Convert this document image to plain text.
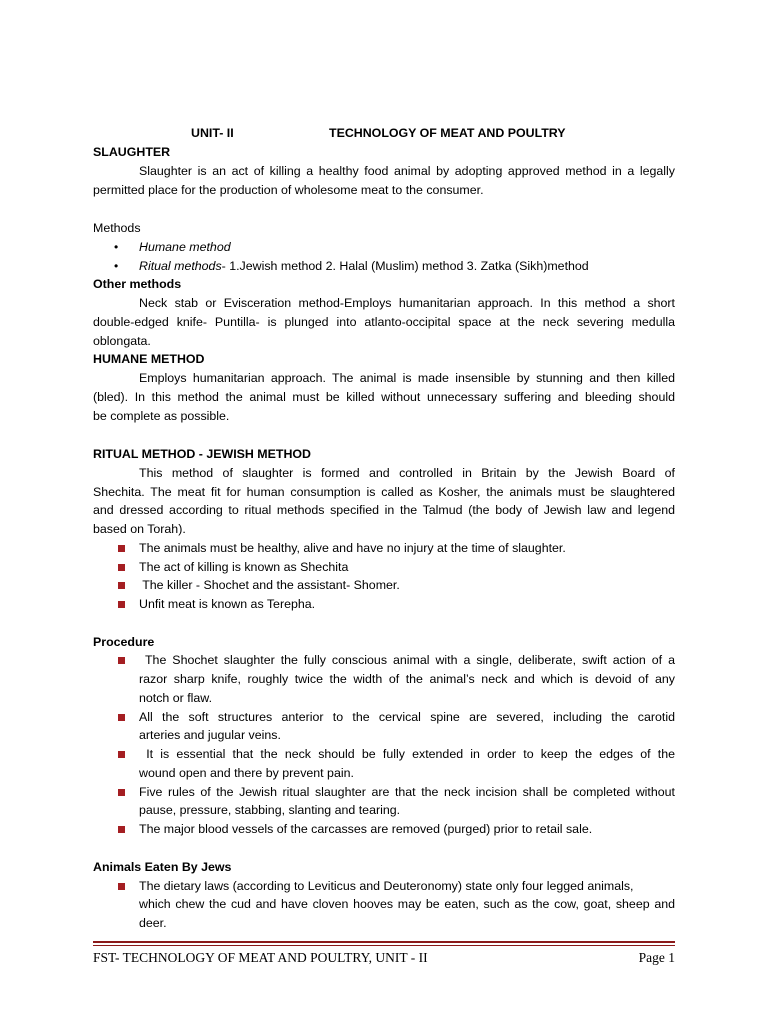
UNIT- II	TECHNOLOGY OF MEAT AND POULTRY
SLAUGHTER
Slaughter is an act of killing a healthy food animal by adopting approved method in a legally
permitted place for the production of wholesome meat to the consumer.
Methods
• Humane method
• Ritual methods- 1.Jewish method 2. Halal (Muslim) method 3. Zatka (Sikh)method
Other methods
Neck stab or Evisceration method-Employs humanitarian approach. In this method a short
double-edged knife- Puntilla- is plunged into atlanto-occipital space at the neck severing medulla
oblongata.
HUMANE METHOD
Employs humanitarian approach. The animal is made insensible by stunning and then killed
(bled). In this method the animal must be killed without unnecessary suffering and bleeding should
be complete as possible.
RITUAL METHOD - JEWISH METHOD
This method of slaughter is formed and controlled in Britain by the Jewish Board of
Shechita. The meat fit for human consumption is called as Kosher, the animals must be slaughtered
and dressed according to ritual methods specified in the Talmud (the body of Jewish law and legend
based on Torah).
The animals must be healthy, alive and have no injury at the time of slaughter.
The act of killing is known as Shechita
The killer - Shochet and the assistant- Shomer.
Unfit meat is known as Terepha.
Procedure
The Shochet slaughter the fully conscious animal with a single, deliberate, swift action of a
razor sharp knife, roughly twice the width of the animal’s neck and which is devoid of any
notch or flaw.
All the soft structures anterior to the cervical spine are severed, including the carotid
arteries and jugular veins.
It is essential that the neck should be fully extended in order to keep the edges of the
wound open and there by prevent pain.
Five rules of the Jewish ritual slaughter are that the neck incision shall be completed without
pause, pressure, stabbing, slanting and tearing.
The major blood vessels of the carcasses are removed (purged) prior to retail sale.
Animals Eaten By Jews
The dietary laws (according to Leviticus and Deuteronomy) state only four legged animals,
which chew the cud and have cloven hooves may be eaten, such as the cow, goat, sheep and
deer.
FST- TECHNOLOGY OF MEAT AND POULTRY, UNIT - II	Page 1
